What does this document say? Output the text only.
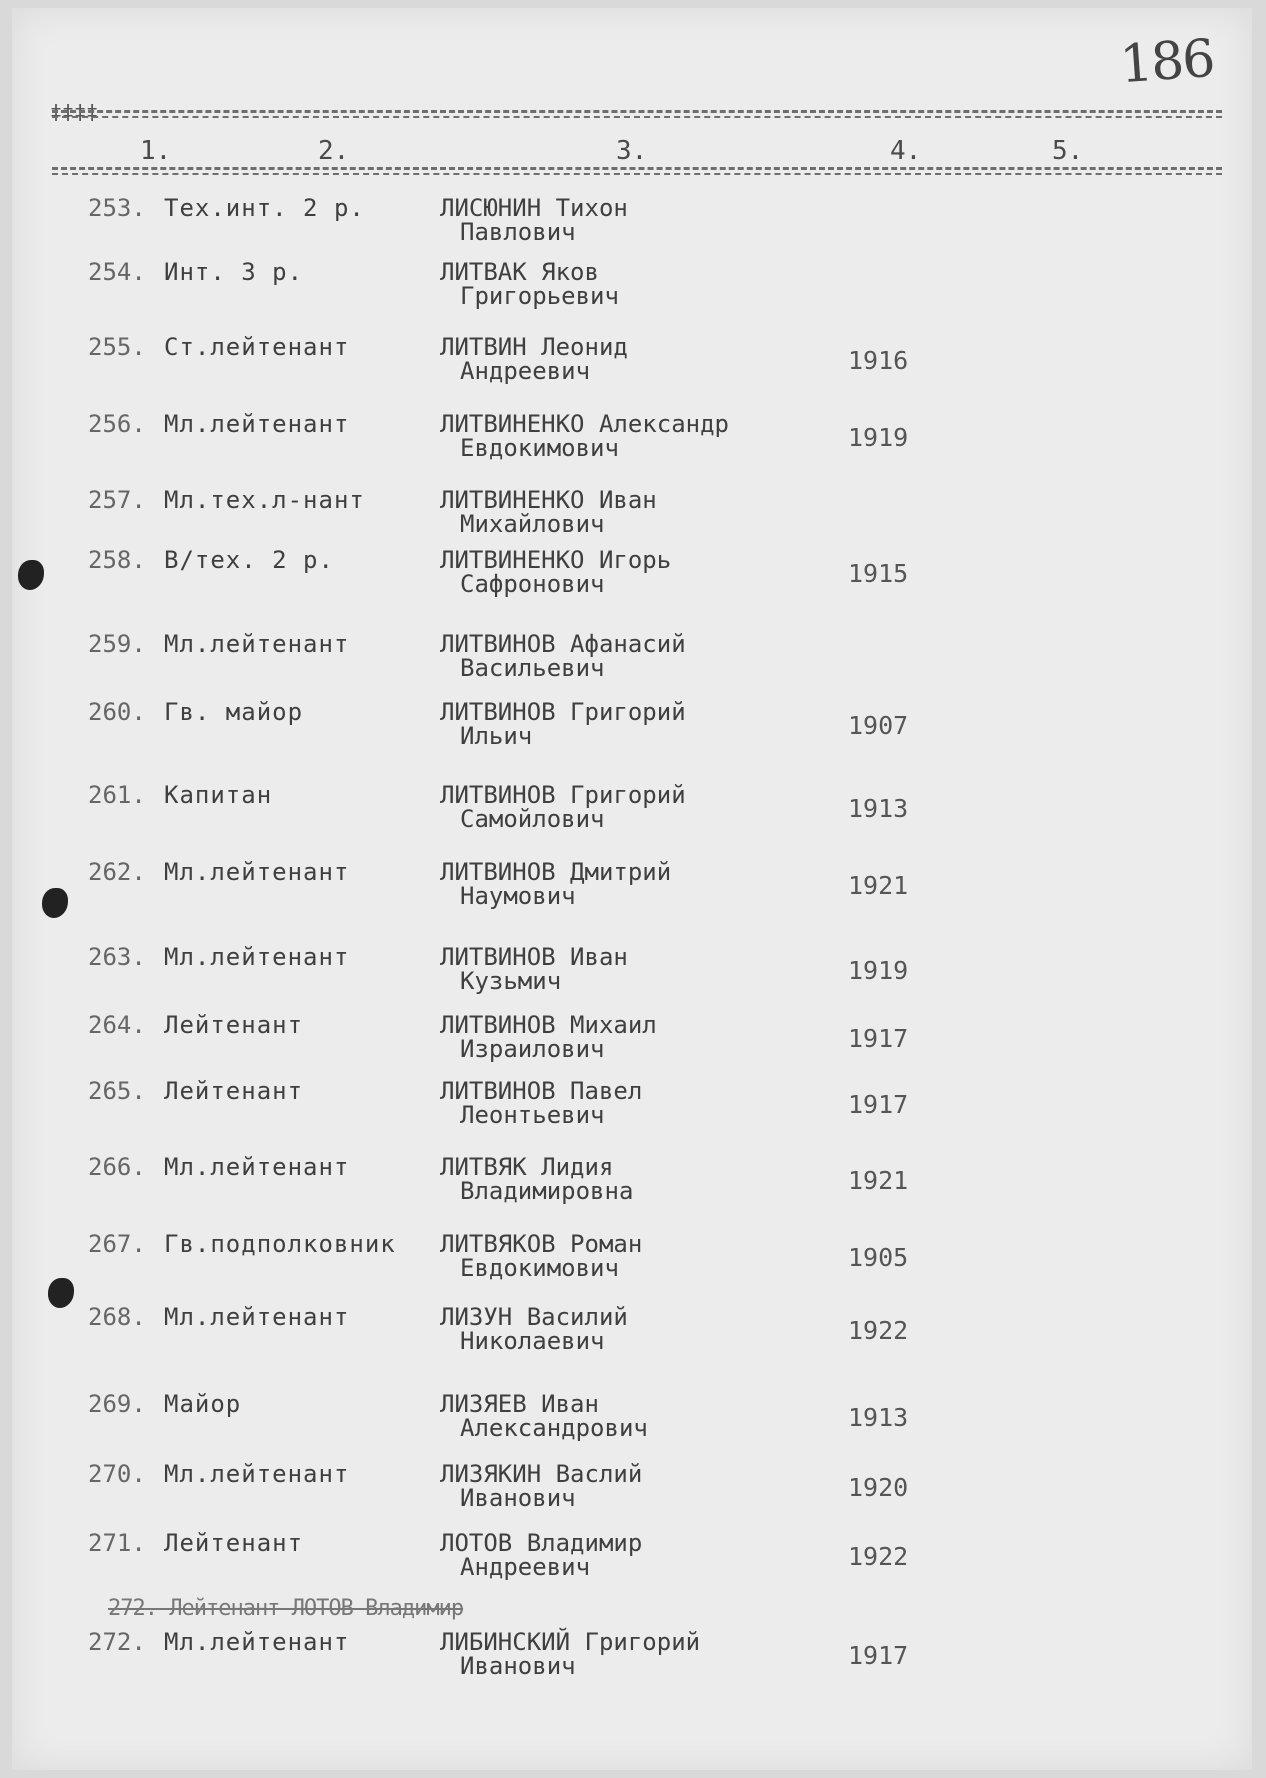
186
‡‡‡‡
1.	2.	3.	4.	5.
253. Тех.инт. 2 р.	ЛИСЮНИН Тихон
Павлович
254. Инт. 3 р.	ЛИТВАК Яков
Григорьевич
255. Ст.лейтенант	ЛИТВИН Леонид
Андреевич	1916
256. Мл.лейтенант	ЛИТВИНЕНКО Александр
Евдокимович	1919
257. Мл.тех.л-нант	ЛИТВИНЕНКО Иван
Михайлович
258. В/тех. 2 р.	ЛИТВИНЕНКО Игорь
Сафронович	1915
259. Мл.лейтенант	ЛИТВИНОВ Афанасий
Васильевич
260. Гв. майор	ЛИТВИНОВ Григорий
Ильич	1907
261. Капитан	ЛИТВИНОВ Григорий
Самойлович	1913
262. Мл.лейтенант	ЛИТВИНОВ Дмитрий
Наумович	1921
263. Мл.лейтенант	ЛИТВИНОВ Иван
Кузьмич	1919
264. Лейтенант	ЛИТВИНОВ Михаил
Израилович	1917
265. Лейтенант	ЛИТВИНОВ Павел
Леонтьевич	1917
266. Мл.лейтенант	ЛИТВЯК Лидия
Владимировна	1921
267. Гв.подполковник ЛИТВЯКОВ Роман
Евдокимович	1905
268. Мл.лейтенант	ЛИЗУН Василий
Николаевич	1922
269. Майор	ЛИЗЯЕВ Иван
Александрович	1913
270. Мл.лейтенант	ЛИЗЯКИН Васлий
Иванович	1920
271. Лейтенант	ЛОТОВ Владимир
Андреевич	1922
272. Мл.лейтенант	ЛИБИНСКИЙ Григорий
Иванович	1917
272. Лейтенант ЛОТОВ Владимир
